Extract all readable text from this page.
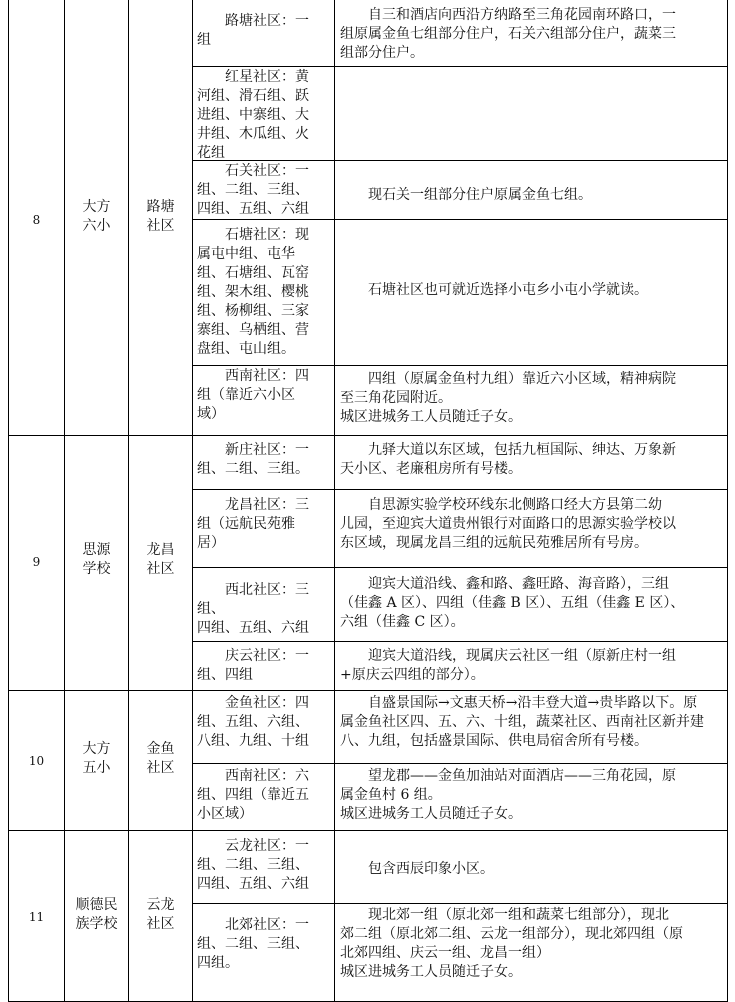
8
大方
六小
路塘
社区
路塘社区：一
组
自三和酒店向西沿方纳路至三角花园南环路口，一
组原属金鱼七组部分住户，石关六组部分住户，蔬菜三
组部分住户。
红星社区：黄
河组、滑石组、跃
进组、中寨组、大
井组、木瓜组、火
花组
石关社区：一
组、二组、三组、
四组、五组、六组
现石关一组部分住户原属金鱼七组。
石塘社区：现
属屯中组、屯华
组、石塘组、瓦窑
组、架木组、樱桃
组、杨柳组、三家
寨组、乌栖组、营
盘组、屯山组。
石塘社区也可就近选择小屯乡小屯小学就读。
西南社区：四
组（靠近六小区
域）
四组（原属金鱼村九组）靠近六小区域，精神病院
至三角花园附近。
城区进城务工人员随迁子女。
9
思源
学校
龙昌
社区
新庄社区：一
组、二组、三组。
九驿大道以东区域，包括九桓国际、绅达、万象新
天小区、老廉租房所有号楼。
龙昌社区：三
组（远航民苑雅
居）
自思源实验学校环线东北侧路口经大方县第二幼
儿园，至迎宾大道贵州银行对面路口的思源实验学校以
东区域，现属龙昌三组的远航民苑雅居所有号房。
西北社区：三组、
四组、五组、六组
迎宾大道沿线、鑫和路、鑫旺路、海音路），三组
（佳鑫 A 区）、四组（佳鑫 B 区）、五组（佳鑫 E 区）、
六组（佳鑫 C 区）。
庆云社区：一
组、四组
迎宾大道沿线，现属庆云社区一组（原新庄村一组
+原庆云四组的部分）。
10
大方
五小
金鱼
社区
金鱼社区：四
组、五组、六组、
八组、九组、十组
自盛景国际→文惠天桥→沿丰登大道→贵毕路以下。原
属金鱼社区四、五、六、十组，蔬菜社区、西南社区新并建
八、九组，包括盛景国际、供电局宿舍所有号楼。
西南社区：六
组、四组（靠近五
小区域）
望龙郡——金鱼加油站对面酒店——三角花园，原
属金鱼村 6 组。
城区进城务工人员随迁子女。
11
顺德民
族学校
云龙
社区
云龙社区：一
组、二组、三组、
四组、五组、六组
包含西辰印象小区。
北郊社区：一
组、二组、三组、
四组。
现北郊一组（原北郊一组和蔬菜七组部分），现北
郊二组（原北郊二组、云龙一组部分），现北郊四组（原
北郊四组、庆云一组、龙昌一组）
城区进城务工人员随迁子女。
